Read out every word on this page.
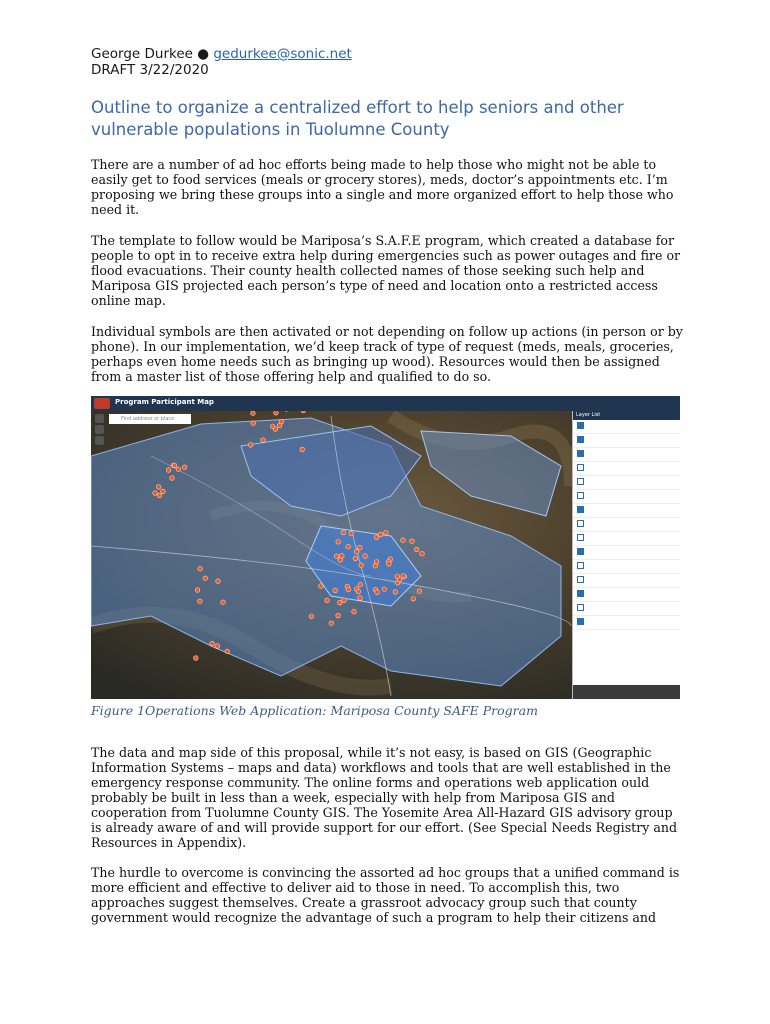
George Durkee ● gedurkee@sonic.net
DRAFT 3/22/2020
Outline to organize a centralized effort to help seniors and other vulnerable populations in Tuolumne County

There are a number of ad hoc efforts being made to help those who might not be able to easily get to food services (meals or grocery stores), meds, doctor’s appointments etc. I’m proposing we bring these groups into a single and more organized effort to help those who need it.

The template to follow would be Mariposa’s S.A.F.E program, which created a database for people to opt in to receive extra help during emergencies such as power outages and fire or flood evacuations. Their county health collected names of those seeking such help and Mariposa GIS projected each person’s type of need and location onto a restricted access online map.

Individual symbols are then activated or not depending on follow up actions (in person or by phone). In our implementation, we’d keep track of type of request (meds, meals, groceries, perhaps even home needs such as bringing up wood). Resources would then be assigned from a master list of those offering help and qualified to do so.

Program Participant Map
Find address or place
Layer List
Figure 1Operations Web Application: Mariposa County SAFE Program

The data and map side of this proposal, while it’s not easy, is based on GIS (Geographic Information Systems – maps and data) workflows and tools that are well established in the emergency response community. The online forms and operations web application ould probably be built in less than a week, especially with help from Mariposa GIS and cooperation from Tuolumne County GIS. The Yosemite Area All-Hazard GIS advisory group is already aware of and will provide support for our effort. (See Special Needs Registry and Resources in Appendix).

The hurdle to overcome is convincing the assorted ad hoc groups that a unified command is more efficient and effective to deliver aid to those in need. To accomplish this, two approaches suggest themselves. Create a grassroot advocacy group such that county government would recognize the advantage of such a program to help their citizens and
